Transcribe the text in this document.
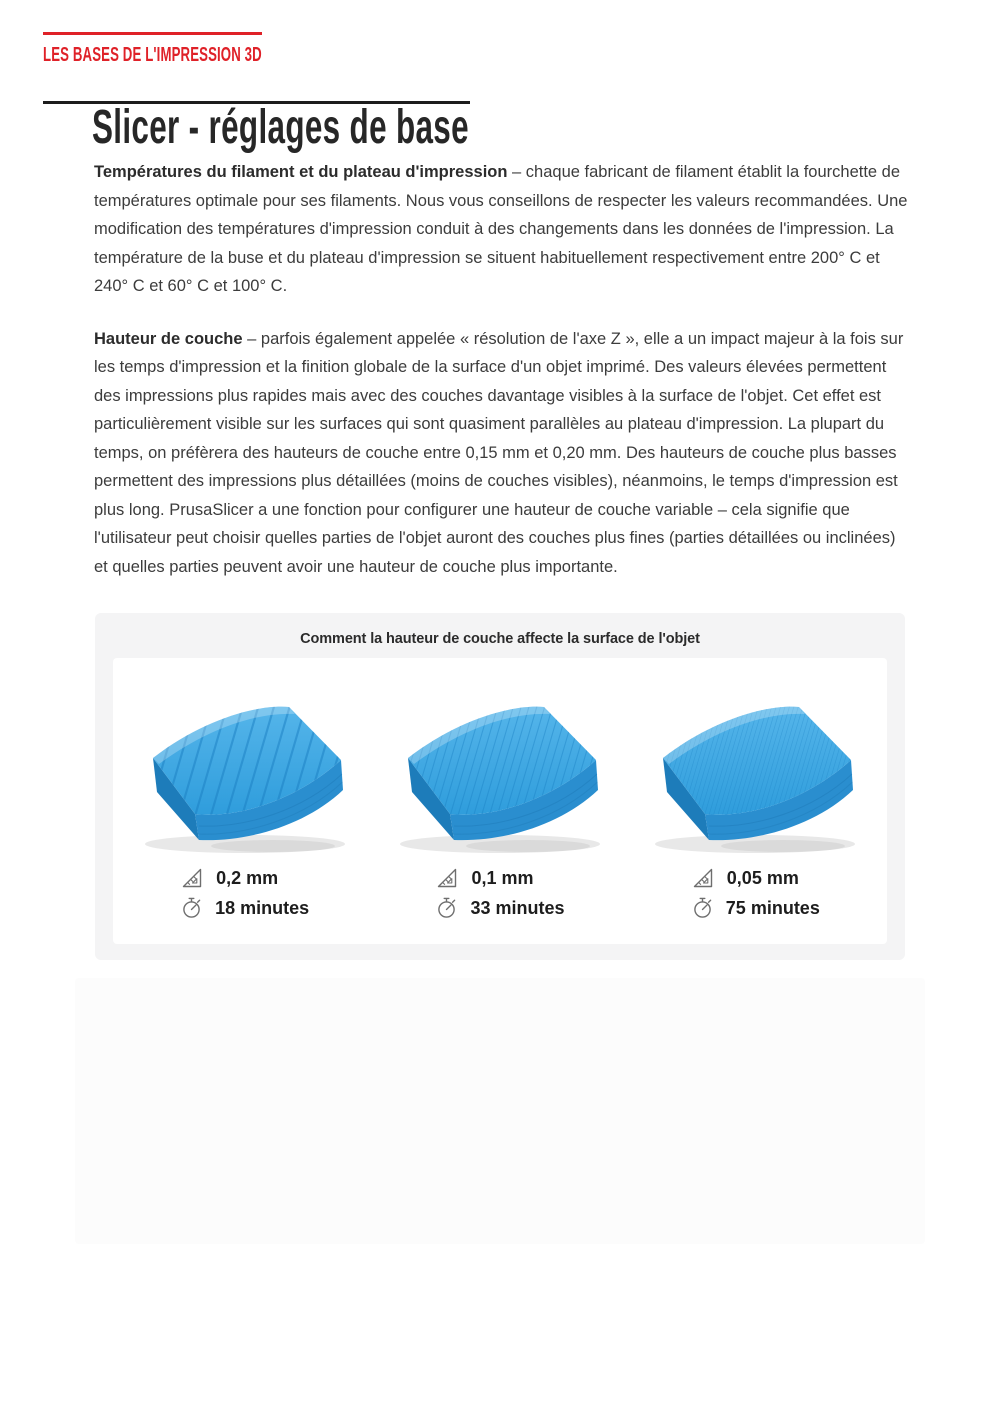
LES BASES DE L'IMPRESSION 3D
Slicer - réglages de base

Températures du filament et du plateau d'impression – chaque fabricant de filament établit la fourchette de températures optimale pour ses filaments. Nous vous conseillons de respecter les valeurs recommandées. Une modification des températures d'impression conduit à des changements dans les données de l'impression. La température de la buse et du plateau d'impression se situent habituellement respectivement entre 200° C et 240° C et 60° C et 100° C.

Hauteur de couche – parfois également appelée « résolution de l'axe Z », elle a un impact majeur à la fois sur les temps d'impression et la finition globale de la surface d'un objet imprimé. Des valeurs élevées permettent des impressions plus rapides mais avec des couches davantage visibles à la surface de l'objet. Cet effet est particulièrement visible sur les surfaces qui sont quasiment parallèles au plateau d'impression. La plupart du temps, on préfèrera des hauteurs de couche entre 0,15 mm et 0,20 mm. Des hauteurs de couche plus basses permettent des impressions plus détaillées (moins de couches visibles), néanmoins, le temps d'impression est plus long. PrusaSlicer a une fonction pour configurer une hauteur de couche variable – cela signifie que l'utilisateur peut choisir quelles parties de l'objet auront des couches plus fines (parties détaillées ou inclinées) et quelles parties peuvent avoir une hauteur de couche plus importante.

Comment la hauteur de couche affecte la surface de l'objet

0,2 mm
18 minutes
0,1 mm
33 minutes
0,05 mm
75 minutes
